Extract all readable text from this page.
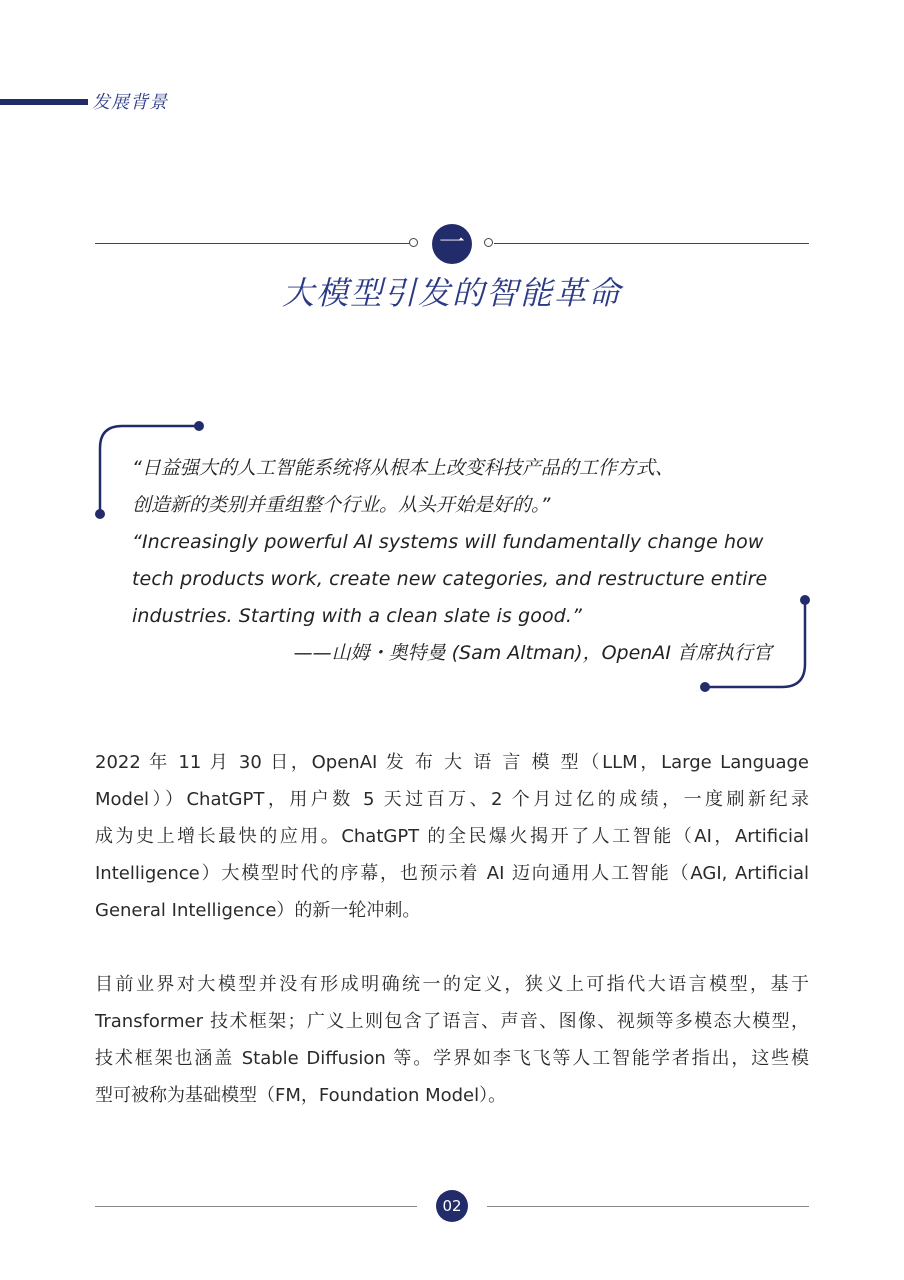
发展背景
一
大模型引发的智能革命
“日益强大的人工智能系统将从根本上改变科技产品的工作方式、
创造新的类别并重组整个行业。从头开始是好的。”
“Increasingly powerful AI systems will fundamentally change how
tech products work, create new categories, and restructure entire
industries. Starting with a clean slate is good.”
——山姆・奥特曼 (Sam Altman)，OpenAI 首席执行官
2022 年 11 月 30 日，OpenAI 发 布 大 语 言 模 型（LLM，Large Language
Model））ChatGPT，用户数 5 天过百万、2 个月过亿的成绩，一度刷新纪录
成为史上增长最快的应用。ChatGPT 的全民爆火揭开了人工智能（AI，Artificial
Intelligence）大模型时代的序幕，也预示着 AI 迈向通用人工智能（AGI, Artificial
General Intelligence）的新一轮冲刺。
目前业界对大模型并没有形成明确统一的定义，狭义上可指代大语言模型，基于
Transformer 技术框架；广义上则包含了语言、声音、图像、视频等多模态大模型，
技术框架也涵盖 Stable Diffusion 等。学界如李飞飞等人工智能学者指出，这些模
型可被称为基础模型（FM，Foundation Model）。
02
